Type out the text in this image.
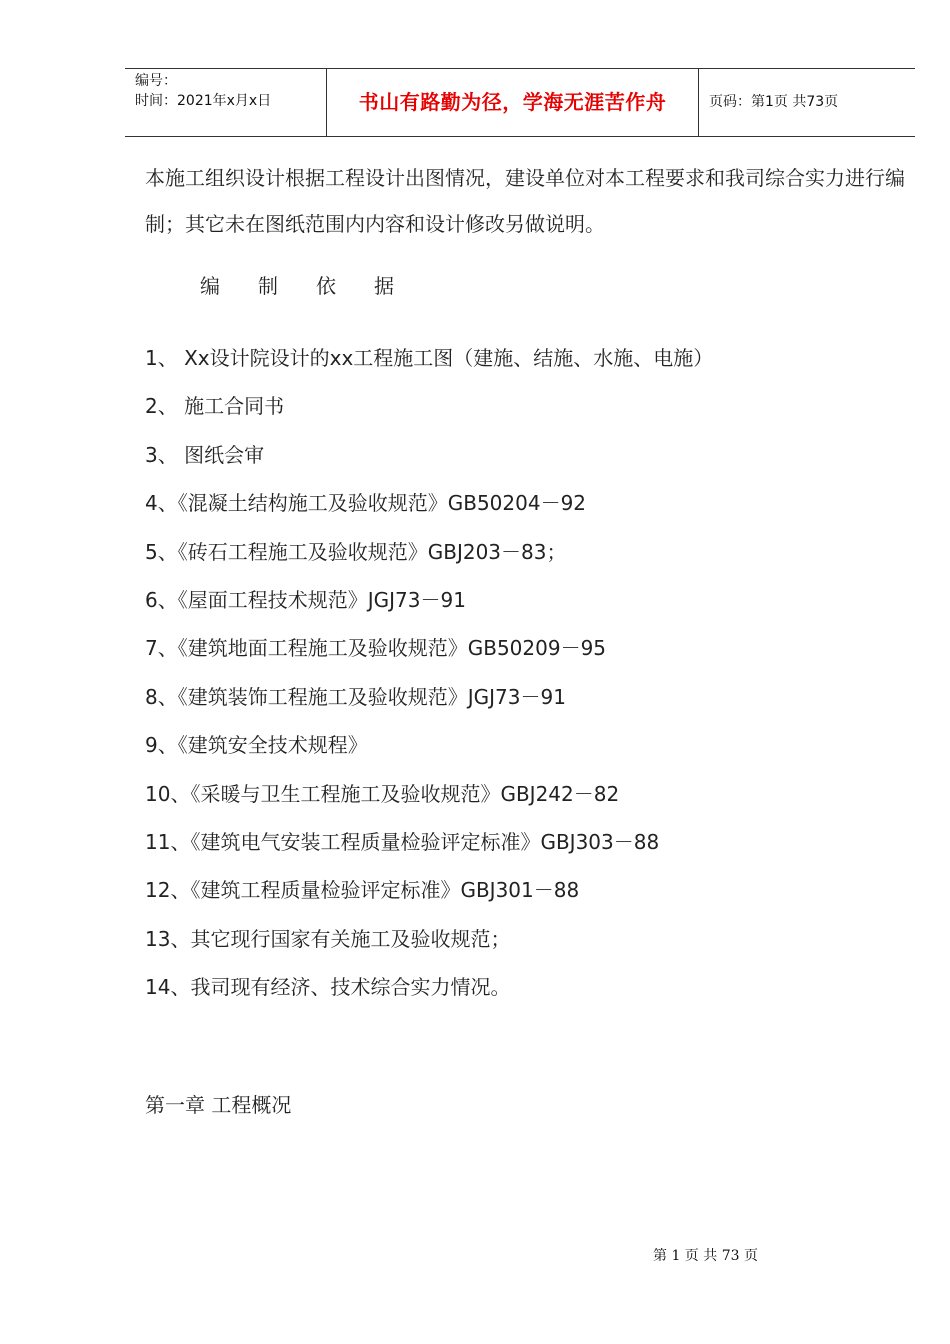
编号：
时间：2021年x月x日	书山有路勤为径，学海无涯苦作舟	页码：第1页 共73页
本施工组织设计根据工程设计出图情况，建设单位对本工程要求和我司综合实力进行编制；其它未在图纸范围内内容和设计修改另做说明。
编制依据
1、 Xx设计院设计的xx工程施工图（建施、结施、水施、电施）
2、 施工合同书
3、 图纸会审
4、《混凝土结构施工及验收规范》GB50204－92
5、《砖石工程施工及验收规范》GBJ203－83；
6、《屋面工程技术规范》JGJ73－91
7、《建筑地面工程施工及验收规范》GB50209－95
8、《建筑装饰工程施工及验收规范》JGJ73－91
9、《建筑安全技术规程》
10、《采暖与卫生工程施工及验收规范》GBJ242－82
11、《建筑电气安装工程质量检验评定标准》GBJ303－88
12、《建筑工程质量检验评定标准》GBJ301－88
13、其它现行国家有关施工及验收规范；
14、我司现有经济、技术综合实力情况。
第一章 工程概况
第 1 页 共 73 页
